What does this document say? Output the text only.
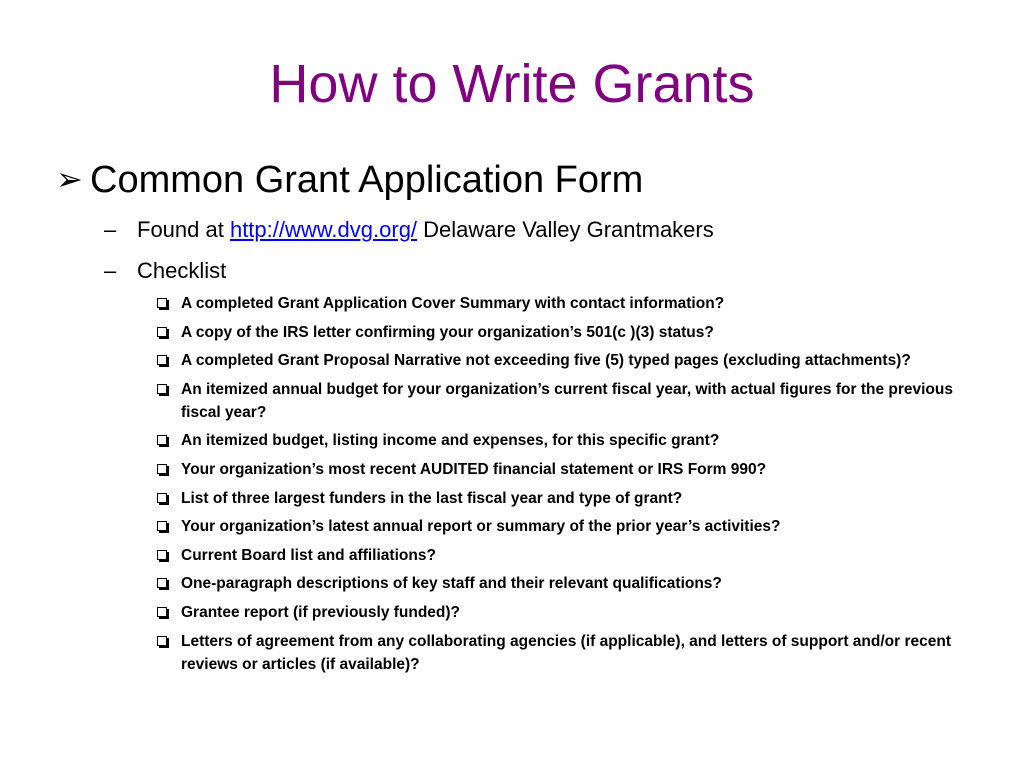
How to Write Grants
➢ Common Grant Application Form
– Found at http://www.dvg.org/ Delaware Valley Grantmakers
– Checklist
A completed Grant Application Cover Summary with contact information?
A copy of the IRS letter confirming your organization’s 501(c )(3) status?
A completed Grant Proposal Narrative not exceeding five (5) typed pages (excluding attachments)?
An itemized annual budget for your organization’s current fiscal year, with actual figures for the previous fiscal year?
An itemized budget, listing income and expenses, for this specific grant?
Your organization’s most recent AUDITED financial statement or IRS Form 990?
List of three largest funders in the last fiscal year and type of grant?
Your organization’s latest annual report or summary of the prior year’s activities?
Current Board list and affiliations?
One-paragraph descriptions of key staff and their relevant qualifications?
Grantee report (if previously funded)?
Letters of agreement from any collaborating agencies (if applicable), and letters of support and/or recent reviews or articles (if available)?
